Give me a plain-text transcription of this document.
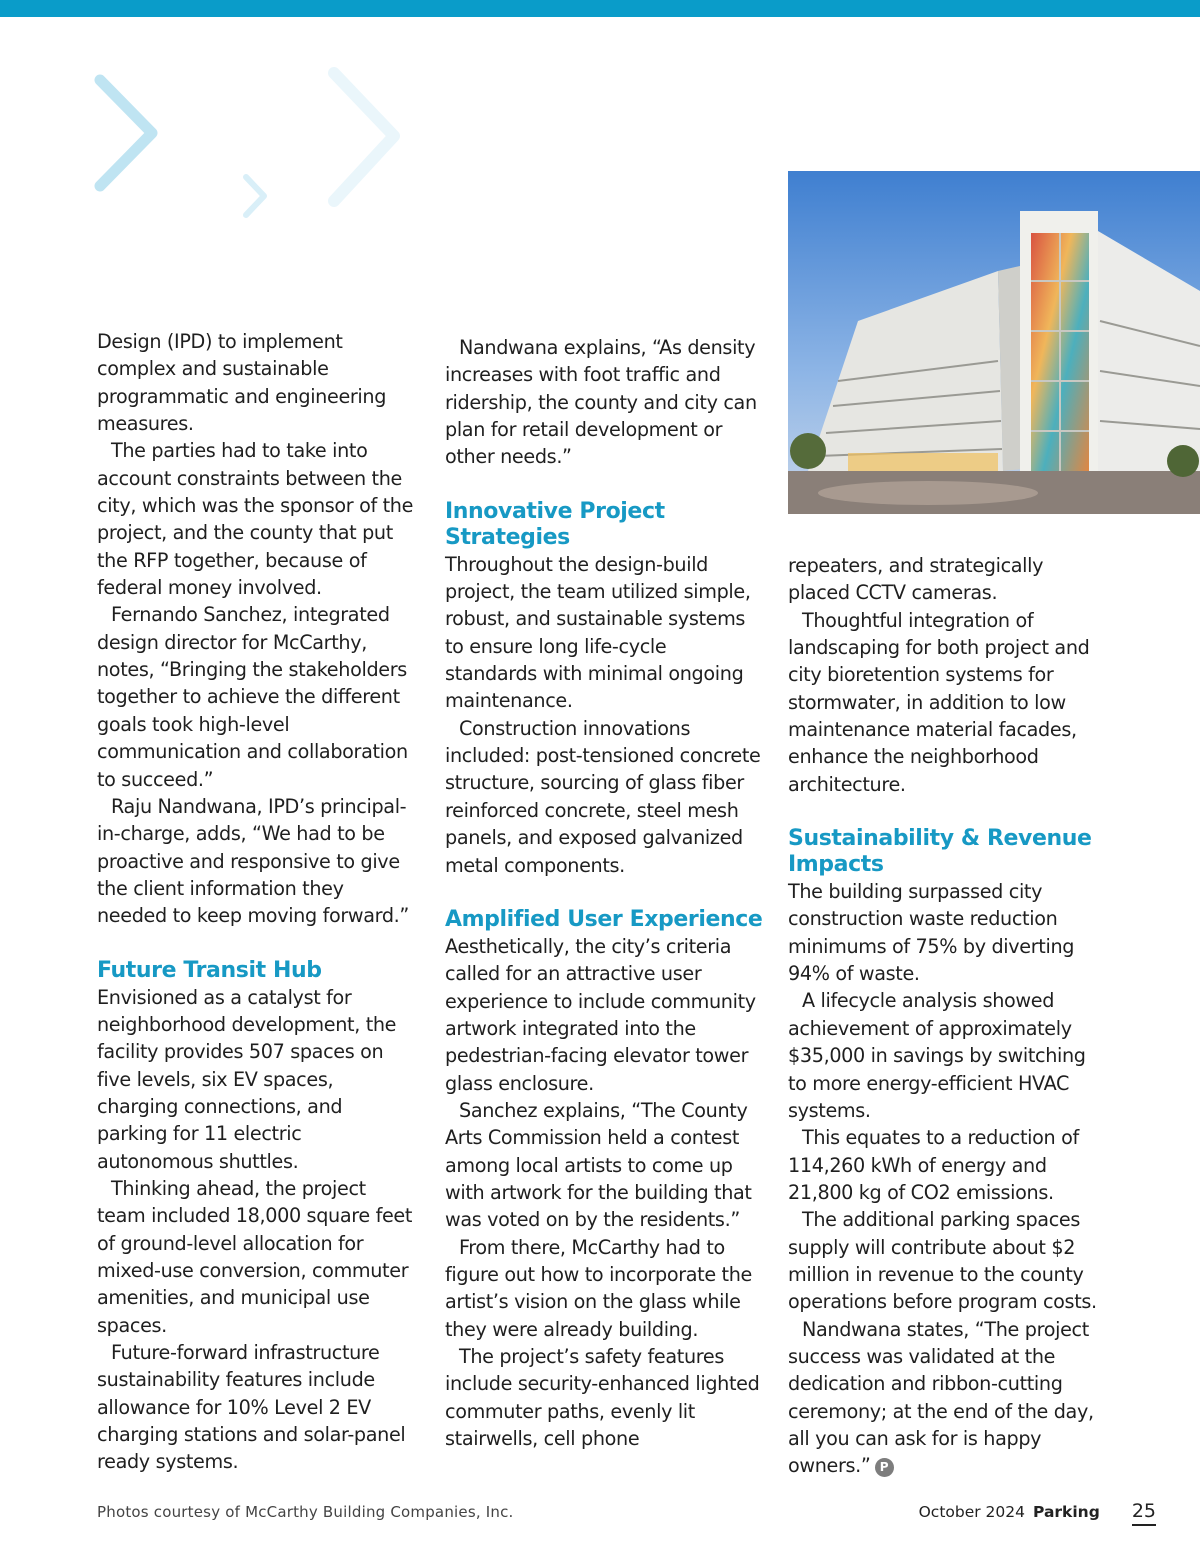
Design (IPD) to implement complex and sustainable programmatic and engineering measures.

The parties had to take into account constraints between the city, which was the sponsor of the project, and the county that put the RFP together, because of federal money involved.

Fernando Sanchez, integrated design director for McCarthy, notes, “Bringing the stakeholders together to achieve the different goals took high-level communication and collaboration to succeed.”

Raju Nandwana, IPD’s principal-in-charge, adds, “We had to be proactive and responsive to give the client information they needed to keep moving forward.”

Future Transit Hub

Envisioned as a catalyst for neighborhood development, the facility provides 507 spaces on five levels, six EV spaces, charging connections, and parking for 11 electric autonomous shuttles.

Thinking ahead, the project team included 18,000 square feet of ground-level allocation for mixed-use conversion, commuter amenities, and municipal use spaces.

Future-forward infrastructure sustainability features include allowance for 10% Level 2 EV charging stations and solar-panel ready systems.

Nandwana explains, “As density increases with foot traffic and ridership, the county and city can plan for retail development or other needs.”

Innovative Project Strategies

Throughout the design-build project, the team utilized simple, robust, and sustainable systems to ensure long life-cycle standards with minimal ongoing maintenance.

Construction innovations included: post-tensioned concrete structure, sourcing of glass fiber reinforced concrete, steel mesh panels, and exposed galvanized metal components.

Amplified User Experience

Aesthetically, the city’s criteria called for an attractive user experience to include community artwork integrated into the pedestrian-facing elevator tower glass enclosure.

Sanchez explains, “The County Arts Commission held a contest among local artists to come up with artwork for the building that was voted on by the residents.”

From there, McCarthy had to figure out how to incorporate the artist’s vision on the glass while they were already building.

The project’s safety features include security-enhanced lighted commuter paths, evenly lit stairwells, cell phone

repeaters, and strategically placed CCTV cameras.

Thoughtful integration of landscaping for both project and city bioretention systems for stormwater, in addition to low maintenance material facades, enhance the neighborhood architecture.

Sustainability & Revenue Impacts

The building surpassed city construction waste reduction minimums of 75% by diverting 94% of waste.

A lifecycle analysis showed achievement of approximately $35,000 in savings by switching to more energy-efficient HVAC systems.

This equates to a reduction of 114,260 kWh of energy and 21,800 kg of CO2 emissions.

The additional parking spaces supply will contribute about $2 million in revenue to the county operations before program costs.

Nandwana states, “The project success was validated at the dedication and ribbon-cutting ceremony; at the end of the day, all you can ask for is happy owners.” P

Photos courtesy of McCarthy Building Companies, Inc.	October 2024 Parking 25
